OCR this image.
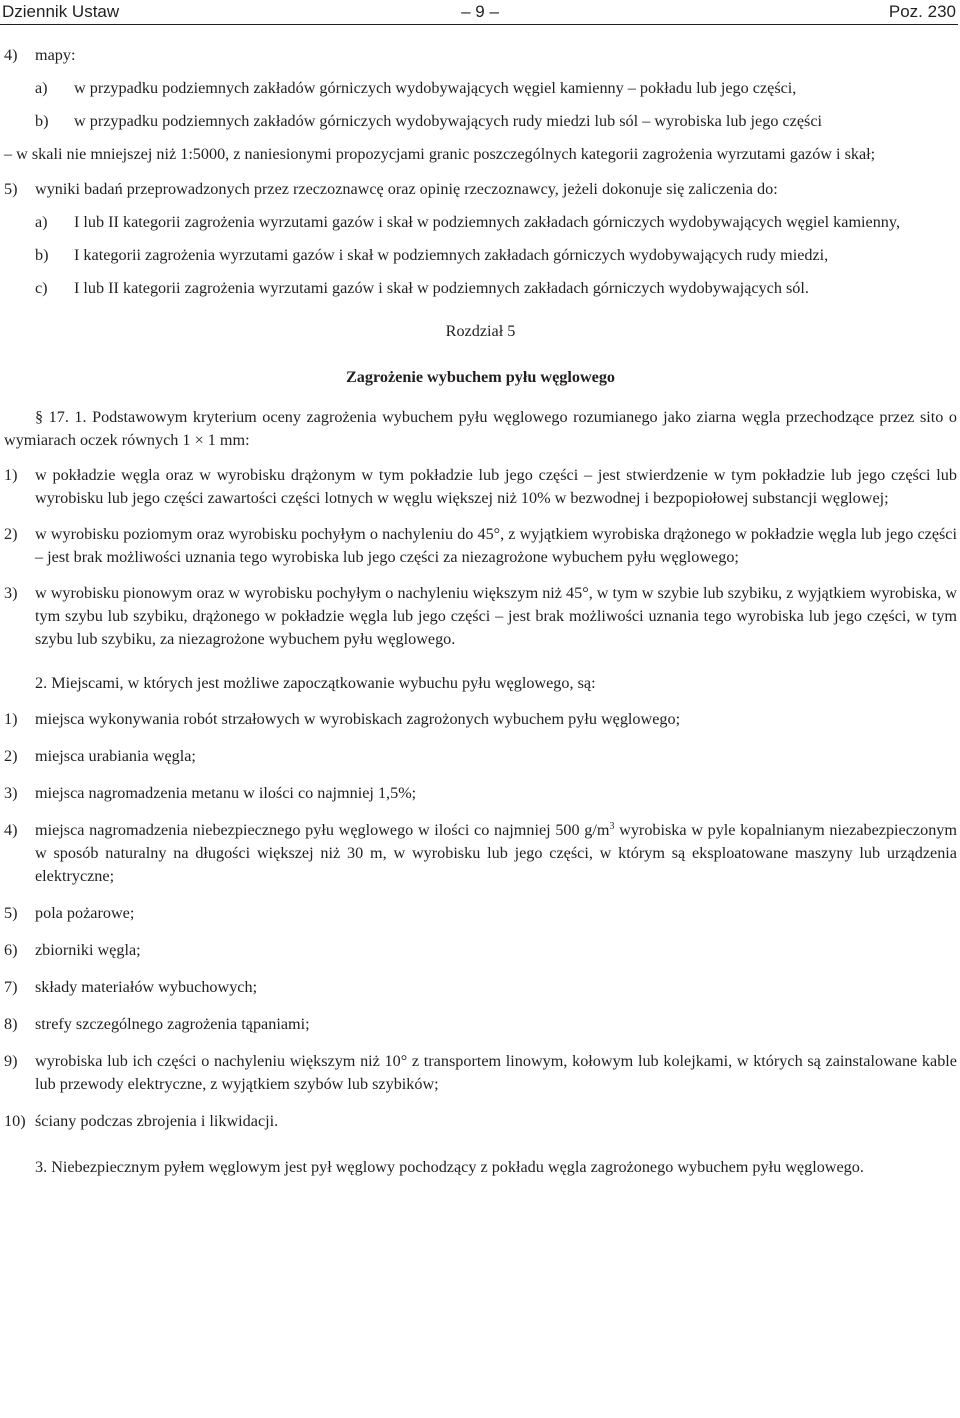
Dziennik Ustaw	– 9 –	Poz. 230
4) mapy:
a) w przypadku podziemnych zakładów górniczych wydobywających węgiel kamienny – pokładu lub jego części,
b) w przypadku podziemnych zakładów górniczych wydobywających rudy miedzi lub sól – wyrobiska lub jego części
– w skali nie mniejszej niż 1:5000, z naniesionymi propozycjami granic poszczególnych kategorii zagrożenia wyrzutami gazów i skał;
5) wyniki badań przeprowadzonych przez rzeczoznawcę oraz opinię rzeczoznawcy, jeżeli dokonuje się zaliczenia do:
a) I lub II kategorii zagrożenia wyrzutami gazów i skał w podziemnych zakładach górniczych wydobywających węgiel kamienny,
b) I kategorii zagrożenia wyrzutami gazów i skał w podziemnych zakładach górniczych wydobywających rudy miedzi,
c) I lub II kategorii zagrożenia wyrzutami gazów i skał w podziemnych zakładach górniczych wydobywających sól.
Rozdział 5
Zagrożenie wybuchem pyłu węglowego
§ 17. 1. Podstawowym kryterium oceny zagrożenia wybuchem pyłu węglowego rozumianego jako ziarna węgla przechodzące przez sito o wymiarach oczek równych 1 × 1 mm:
1) w pokładzie węgla oraz w wyrobisku drążonym w tym pokładzie lub jego części – jest stwierdzenie w tym pokładzie lub jego części lub wyrobisku lub jego części zawartości części lotnych w węglu większej niż 10% w bezwodnej i bezpopiołowej substancji węglowej;
2) w wyrobisku poziomym oraz wyrobisku pochyłym o nachyleniu do 45°, z wyjątkiem wyrobiska drążonego w pokładzie węgla lub jego części – jest brak możliwości uznania tego wyrobiska lub jego części za niezagrożone wybuchem pyłu węglowego;
3) w wyrobisku pionowym oraz w wyrobisku pochyłym o nachyleniu większym niż 45°, w tym w szybie lub szybiku, z wyjątkiem wyrobiska, w tym szybu lub szybiku, drążonego w pokładzie węgla lub jego części – jest brak możliwości uznania tego wyrobiska lub jego części, w tym szybu lub szybiku, za niezagrożone wybuchem pyłu węglowego.
2. Miejscami, w których jest możliwe zapoczątkowanie wybuchu pyłu węglowego, są:
1) miejsca wykonywania robót strzałowych w wyrobiskach zagrożonych wybuchem pyłu węglowego;
2) miejsca urabiania węgla;
3) miejsca nagromadzenia metanu w ilości co najmniej 1,5%;
4) miejsca nagromadzenia niebezpiecznego pyłu węglowego w ilości co najmniej 500 $g/m^3$ wyrobiska w pyle kopalnianym niezabezpieczonym w sposób naturalny na długości większej niż 30 m, w wyrobisku lub jego części, w którym są eksploatowane maszyny lub urządzenia elektryczne;
5) pola pożarowe;
6) zbiorniki węgla;
7) składy materiałów wybuchowych;
8) strefy szczególnego zagrożenia tąpaniami;
9) wyrobiska lub ich części o nachyleniu większym niż 10° z transportem linowym, kołowym lub kolejkami, w których są zainstalowane kable lub przewody elektryczne, z wyjątkiem szybów lub szybików;
10) ściany podczas zbrojenia i likwidacji.
3. Niebezpiecznym pyłem węglowym jest pył węglowy pochodzący z pokładu węgla zagrożonego wybuchem pyłu węglowego.
